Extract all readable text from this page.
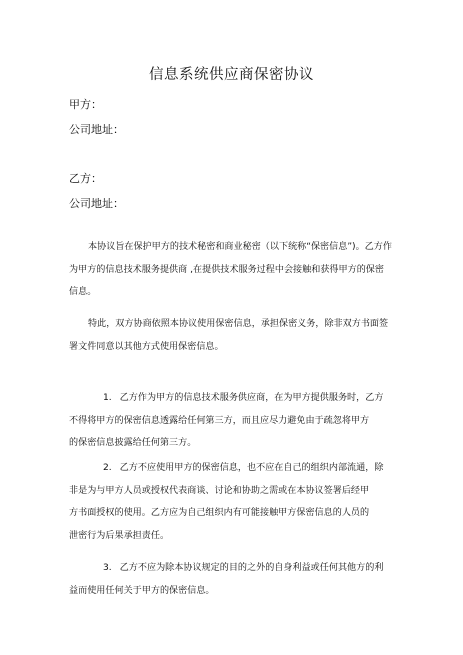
信息系统供应商保密协议
甲方：
公司地址：
乙方：
公司地址：
本协议旨在保护甲方的技术秘密和商业秘密（以下统称“保密信息”)。乙方作
为甲方的信息技术服务提供商 ,在提供技术服务过程中会接触和获得甲方的保密
信息。
特此，双方协商依照本协议使用保密信息，承担保密义务，除非双方书面签
署文件同意以其他方式使用保密信息。
1. 乙方作为甲方的信息技术服务供应商，在为甲方提供服务时，乙方
不得将甲方的保密信息透露给任何第三方，而且应尽力避免由于疏忽将甲方
的保密信息披露给任何第三方。
2. 乙方不应使用甲方的保密信息，也不应在自己的组织内部流通，除
非是为与甲方人员或授权代表商谈、讨论和协助之需或在本协议签署后经甲
方书面授权的使用。乙方应为自己组织内有可能接触甲方保密信息的人员的
泄密行为后果承担责任。
3. 乙方不应为除本协议规定的目的之外的自身利益或任何其他方的利
益而使用任何关于甲方的保密信息。
